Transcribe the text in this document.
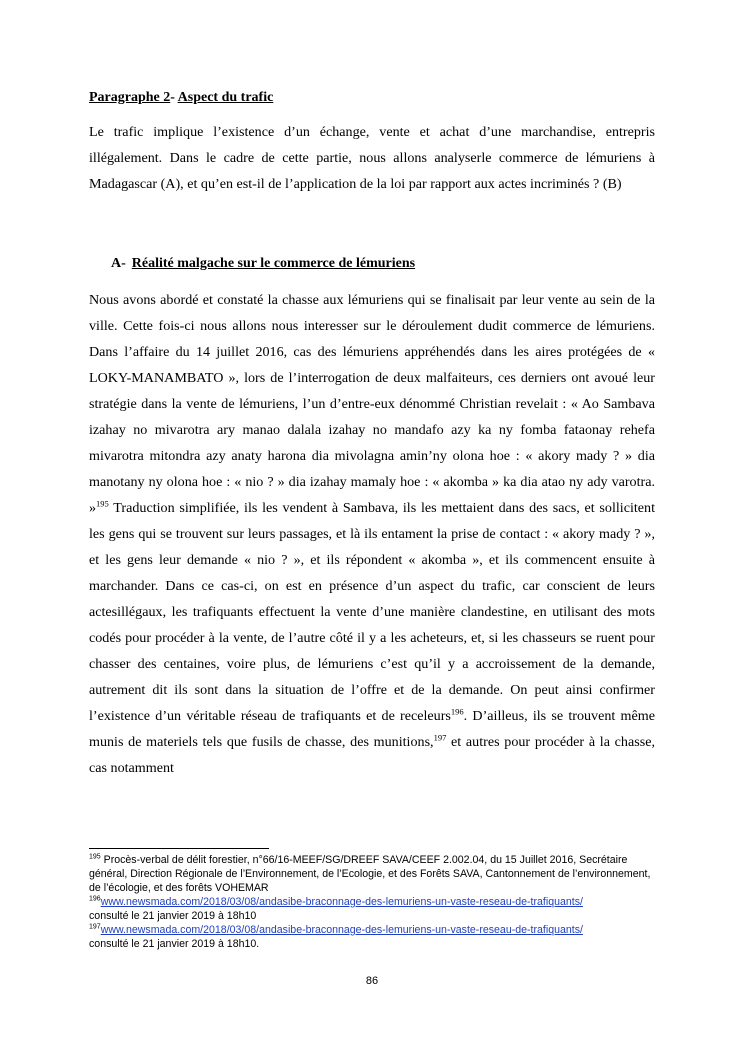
Paragraphe 2- Aspect du trafic

Le trafic implique l’existence d’un échange, vente et achat d’une marchandise, entrepris illégalement. Dans le cadre de cette partie, nous allons analyserle commerce de lémuriens à Madagascar (A), et qu’en est-il de l’application de la loi par rapport aux actes incriminés ? (B)

A- Réalité malgache sur le commerce de lémuriens

Nous avons abordé et constaté la chasse aux lémuriens qui se finalisait par leur vente au sein de la ville. Cette fois-ci nous allons nous interesser sur le déroulement dudit commerce de lémuriens. Dans l’affaire du 14 juillet 2016, cas des lémuriens appréhendés dans les aires protégées de « LOKY-MANAMBATO », lors de l’interrogation de deux malfaiteurs, ces derniers ont avoué leur stratégie dans la vente de lémuriens, l’un d’entre-eux dénommé Christian revelait : « Ao Sambava izahay no mivarotra ary manao dalala izahay no mandafo azy ka ny fomba fataonay rehefa mivarotra mitondra azy anaty harona dia mivolagna amin’ny olona hoe : « akory mady ? » dia manotany ny olona hoe : « nio ? » dia izahay mamaly hoe : « akomba » ka dia atao ny ady varotra. »$^{195}$ Traduction simplifiée, ils les vendent à Sambava, ils les mettaient dans des sacs, et sollicitent les gens qui se trouvent sur leurs passages, et là ils entament la prise de contact : « akory mady ? », et les gens leur demande « nio ? », et ils répondent « akomba », et ils commencent ensuite à marchander. Dans ce cas-ci, on est en présence d’un aspect du trafic, car conscient de leurs actesillégaux, les trafiquants effectuent la vente d’une manière clandestine, en utilisant des mots codés pour procéder à la vente, de l’autre côté il y a les acheteurs, et, si les chasseurs se ruent pour chasser des centaines, voire plus, de lémuriens c’est qu’il y a accroissement de la demande, autrement dit ils sont dans la situation de l’offre et de la demande. On peut ainsi confirmer l’existence d’un véritable réseau de trafiquants et de receleurs$^{196}$. D’ailleus, ils se trouvent même munis de materiels tels que fusils de chasse, des munitions,$^{197}$ et autres pour procéder à la chasse, cas notamment

$^{195}$ Procès-verbal de délit forestier, n°66/16-MEEF/SG/DREEF SAVA/CEEF 2.002.04, du 15 Juillet 2016, Secrétaire général, Direction Régionale de l’Environnement, de l’Ecologie, et des Forêts SAVA, Cantonnement de l’environnement, de l’écologie, et des forêts VOHEMAR

$^{196}$www.newsmada.com/2018/03/08/andasibe-braconnage-des-lemuriens-un-vaste-reseau-de-trafiquants/
consulté le 21 janvier 2019 à 18h10

$^{197}$www.newsmada.com/2018/03/08/andasibe-braconnage-des-lemuriens-un-vaste-reseau-de-trafiquants/
consulté le 21 janvier 2019 à 18h10.

86
